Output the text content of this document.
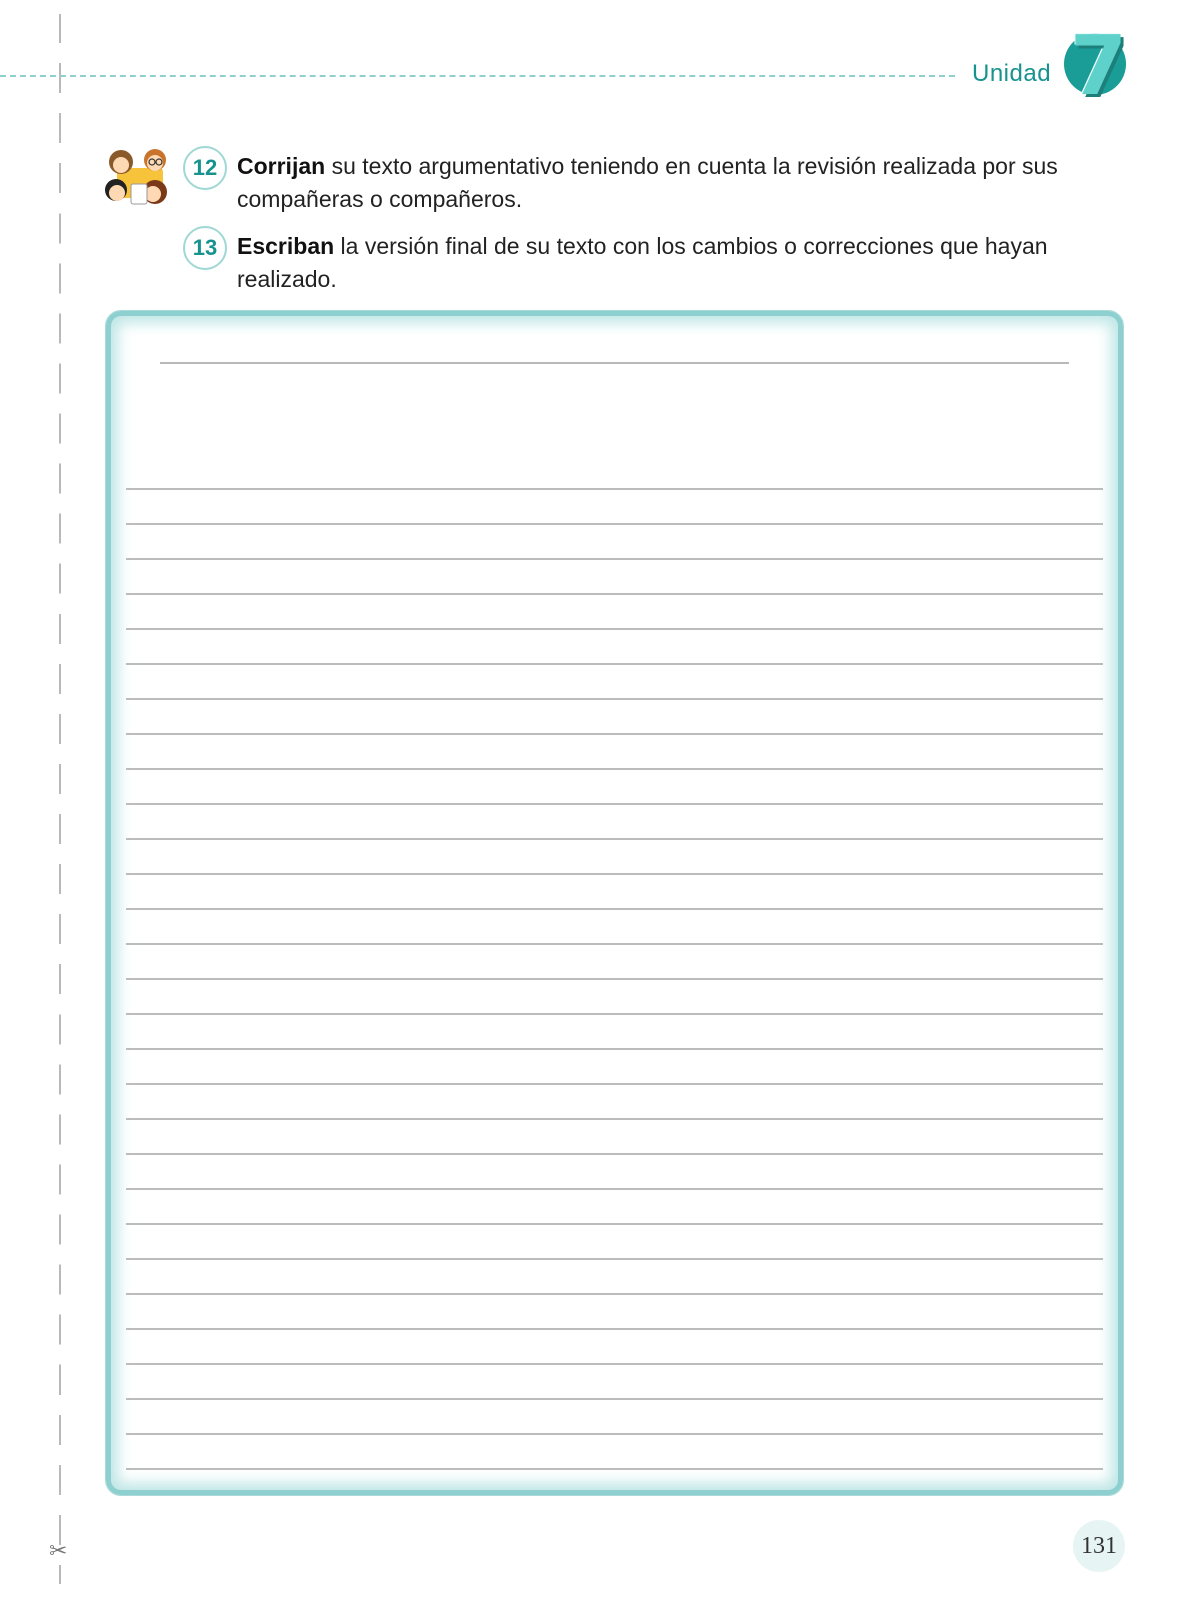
✂
Unidad 7
12 Corrijan su texto argumentativo teniendo en cuenta la revisión realizada por sus compañeras o compañeros.
13 Escriban la versión final de su texto con los cambios o correcciones que hayan realizado.
131
